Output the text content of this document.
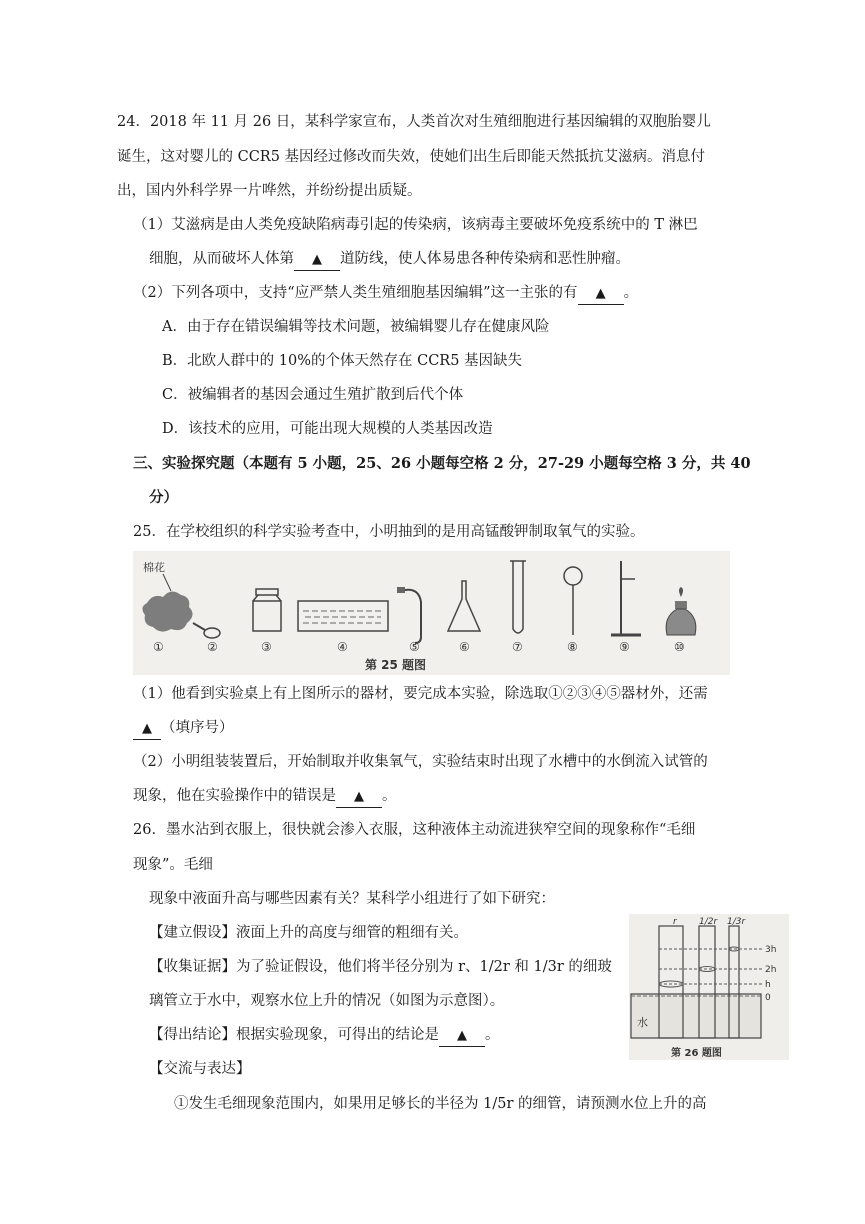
24．2018 年 11 月 26 日，某科学家宣布，人类首次对生殖细胞进行基因编辑的双胞胎婴儿
诞生，这对婴儿的 CCR5 基因经过修改而失效，使她们出生后即能天然抵抗艾滋病。消息付
出，国内外科学界一片哗然，并纷纷提出质疑。
（1）艾滋病是由人类免疫缺陷病毒引起的传染病，该病毒主要破坏免疫系统中的 T 淋巴
细胞，从而破坏人体第 ▲ 道防线，使人体易患各种传染病和恶性肿瘤。
（2）下列各项中，支持“应严禁人类生殖细胞基因编辑”这一主张的有 ▲ 。
A．由于存在错误编辑等技术问题，被编辑婴儿存在健康风险
B．北欧人群中的 10%的个体天然存在 CCR5 基因缺失
C．被编辑者的基因会通过生殖扩散到后代个体
D．该技术的应用，可能出现大规模的人类基因改造
三、实验探究题（本题有 5 小题，25、26 小题每空格 2 分，27-29 小题每空格 3 分，共 40
分）
25．在学校组织的科学实验考查中，小明抽到的是用高锰酸钾制取氧气的实验。
棉花
①	②	③	④	⑤	⑥	⑦	⑧	⑨	⑩
第 25 题图
（1）他看到实验桌上有上图所示的器材，要完成本实验，除选取①②③④⑤器材外，还需
▲ （填序号）
（2）小明组装装置后，开始制取并收集氧气，实验结束时出现了水槽中的水倒流入试管的
现象，他在实验操作中的错误是 ▲ 。
26．墨水沾到衣服上，很快就会渗入衣服，这种液体主动流进狭窄空间的现象称作“毛细
现象”。毛细
现象中液面升高与哪些因素有关？某科学小组进行了如下研究：
【建立假设】液面上升的高度与细管的粗细有关。
【收集证据】为了验证假设，他们将半径分别为 r、1/2r 和 1/3r 的细玻
璃管立于水中，观察水位上升的情况（如图为示意图）。
【得出结论】根据实验现象，可得出的结论是 ▲ 。
【交流与表达】
①发生毛细现象范围内，如果用足够长的半径为 1/5r 的细管，请预测水位上升的高
r 1/2r 1/3r
3h
2h
h
0
水
第 26 题图
